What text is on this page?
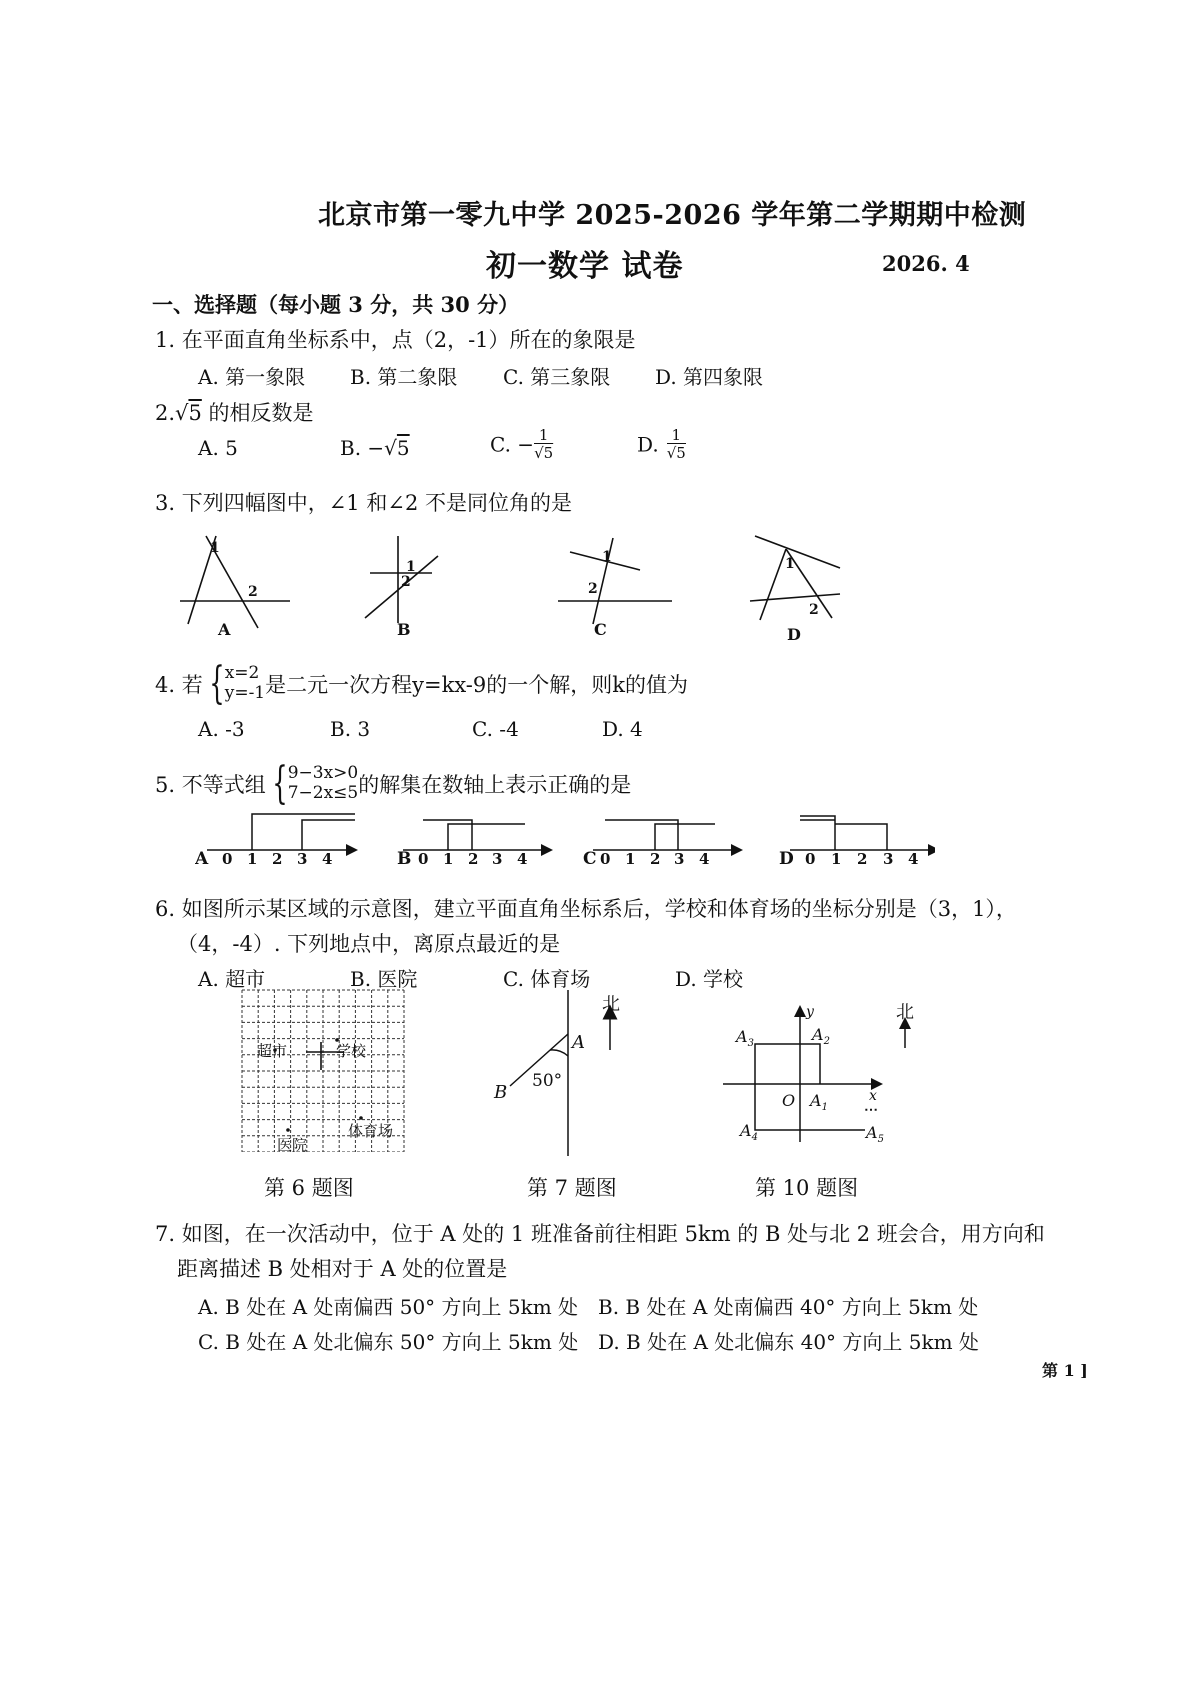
北京市第一零九中学 2025-2026 学年第二学期期中检测
初一数学 试卷	2026. 4
一、选择题（每小题 3 分，共 30 分）
1. 在平面直角坐标系中，点（2，-1）所在的象限是
A. 第一象限 B. 第二象限 C. 第三象限 D. 第四象限
2.√5 的相反数是
A. 5	B. −√5	C. − $\frac{1}{√5}$	D. $\frac{1}{√5}$
3. 下列四幅图中，∠1 和∠2 不是同位角的是
1
2
1
2
1
2
1
2
A	B	C	D
4. 若 { x=2
y=-1 是二元一次方程y=kx-9的一个解，则k的值为
A. -3	B. 3	C. -4	D. 4
5. 不等式组 { 9−3x>0
7−2x≤5 的解集在数轴上表示正确的是
A	B	C	D
0 1 2 3 4	0 1 2 3 4	0 1 2 3 4	0 1 2 3 4
6. 如图所示某区域的示意图，建立平面直角坐标系后，学校和体育场的坐标分别是（3，1），
（4，-4）. 下列地点中，离原点最近的是
A. 超市	B. 医院	C. 体育场	D. 学校
超市	学校
医院
体育场
北
A
B
50°
y
x
O $A_1$
$A_2$
$A_3$
$A_4$	$A_5$
⋯
北
第 6 题图	第 7 题图	第 10 题图
7. 如图，在一次活动中，位于 A 处的 1 班准备前往相距 5km 的 B 处与北 2 班会合，用方向和
距离描述 B 处相对于 A 处的位置是
A. B 处在 A 处南偏西 50° 方向上 5km 处 B. B 处在 A 处南偏西 40° 方向上 5km 处
C. B 处在 A 处北偏东 50° 方向上 5km 处 D. B 处在 A 处北偏东 40° 方向上 5km 处
第 1 ]
